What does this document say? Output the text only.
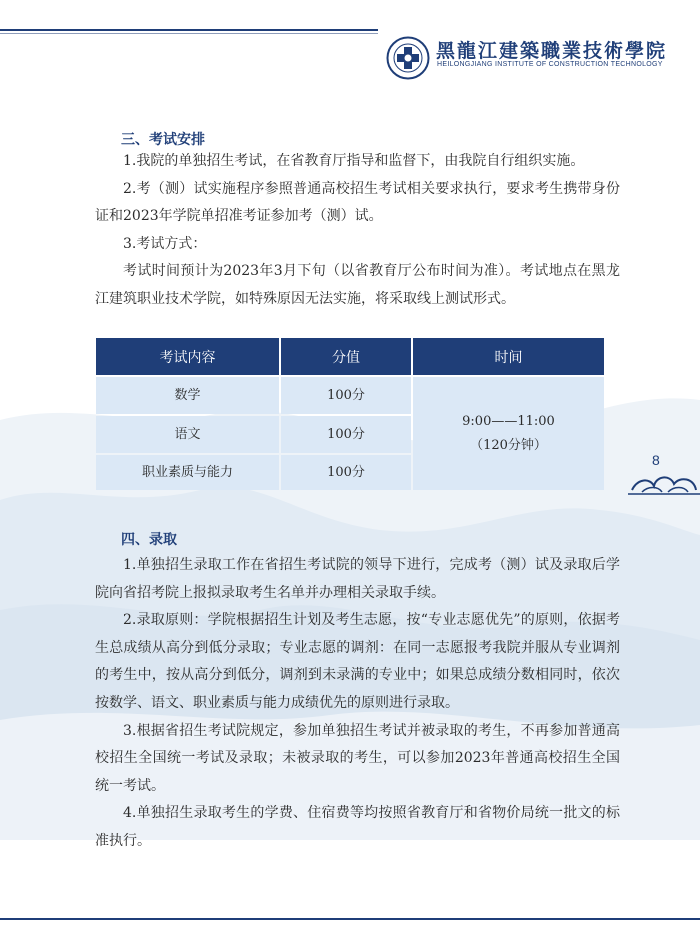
黑龍江建築職業技術學院
HEILONGJIANG INSTITUTE OF CONSTRUCTION TECHNOLOGY
三、考试安排

1.我院的单独招生考试，在省教育厅指导和监督下，由我院自行组织实施。

2.考（测）试实施程序参照普通高校招生考试相关要求执行，要求考生携带身份证和2023年学院单招准考证参加考（测）试。

3.考试方式：

考试时间预计为2023年3月下旬（以省教育厅公布时间为准）。考试地点在黑龙江建筑职业技术学院，如特殊原因无法实施，将采取线上测试形式。

考试内容	分值	时间
数学	100分
语文	100分
职业素质与能力	100分
9:00——11:00
（120分钟）
8
四、录取

1.单独招生录取工作在省招生考试院的领导下进行，完成考（测）试及录取后学院向省招考院上报拟录取考生名单并办理相关录取手续。

2.录取原则：学院根据招生计划及考生志愿，按“专业志愿优先”的原则，依据考生总成绩从高分到低分录取；专业志愿的调剂：在同一志愿报考我院并服从专业调剂的考生中，按从高分到低分，调剂到未录满的专业中；如果总成绩分数相同时，依次按数学、语文、职业素质与能力成绩优先的原则进行录取。

3.根据省招生考试院规定，参加单独招生考试并被录取的考生，不再参加普通高校招生全国统一考试及录取；未被录取的考生，可以参加2023年普通高校招生全国统一考试。

4.单独招生录取考生的学费、住宿费等均按照省教育厅和省物价局统一批文的标准执行。
